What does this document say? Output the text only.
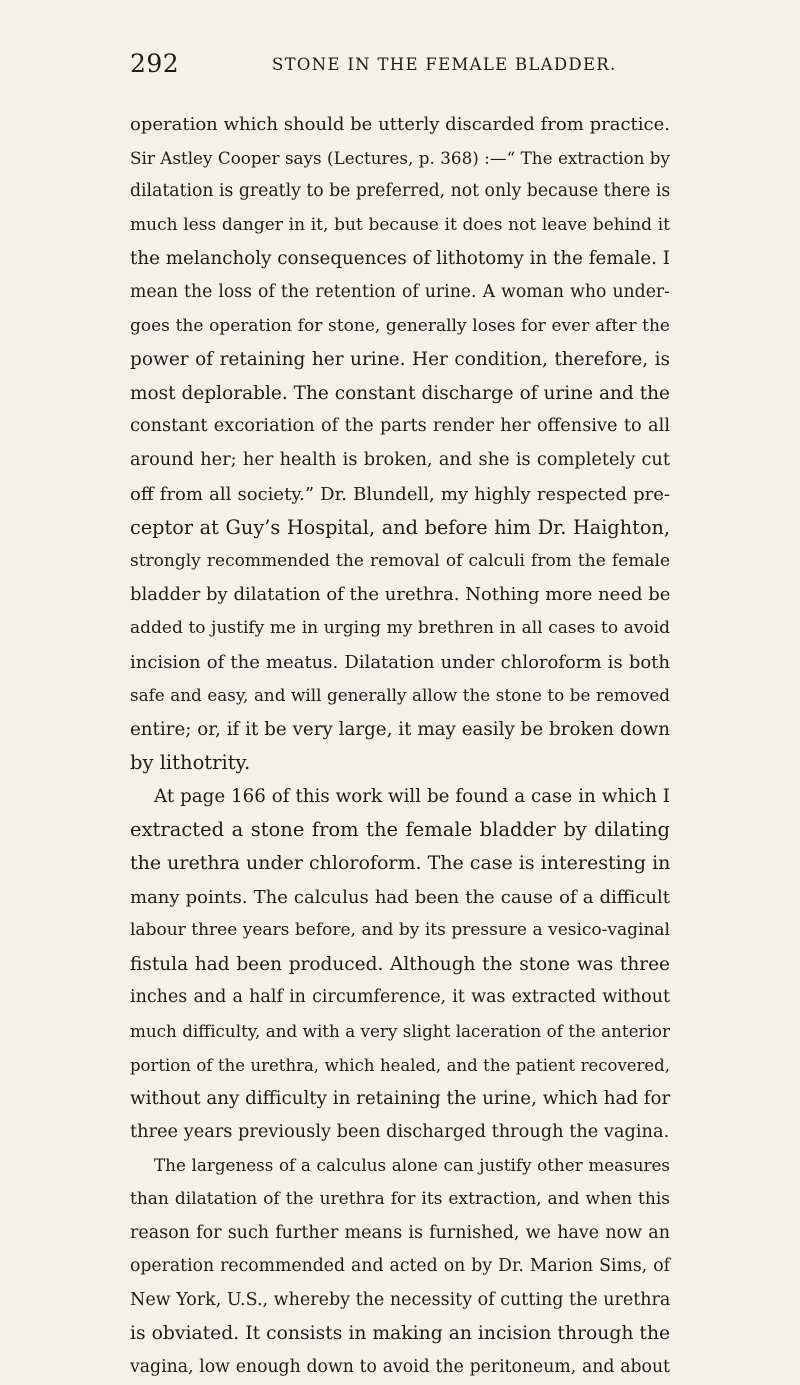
292	STONE IN THE FEMALE BLADDER.
operation which should be utterly discarded from practice.
Sir Astley Cooper says (Lectures, p. 368) :—“ The extraction by
dilatation is greatly to be preferred, not only because there is
much less danger in it, but because it does not leave behind it
the melancholy consequences of lithotomy in the female. I
mean the loss of the retention of urine. A woman who under-
goes the operation for stone, generally loses for ever after the
power of retaining her urine. Her condition, therefore, is
most deplorable. The constant discharge of urine and the
constant excoriation of the parts render her offensive to all
around her; her health is broken, and she is completely cut
off from all society.” Dr. Blundell, my highly respected pre-
ceptor at Guy’s Hospital, and before him Dr. Haighton,
strongly recommended the removal of calculi from the female
bladder by dilatation of the urethra. Nothing more need be
added to justify me in urging my brethren in all cases to avoid
incision of the meatus. Dilatation under chloroform is both
safe and easy, and will generally allow the stone to be removed
entire; or, if it be very large, it may easily be broken down
by lithotrity.
At page 166 of this work will be found a case in which I
extracted a stone from the female bladder by dilating
the urethra under chloroform. The case is interesting in
many points. The calculus had been the cause of a difficult
labour three years before, and by its pressure a vesico-vaginal
fistula had been produced. Although the stone was three
inches and a half in circumference, it was extracted without
much difficulty, and with a very slight laceration of the anterior
portion of the urethra, which healed, and the patient recovered,
without any difficulty in retaining the urine, which had for
three years previously been discharged through the vagina.
The largeness of a calculus alone can justify other measures
than dilatation of the urethra for its extraction, and when this
reason for such further means is furnished, we have now an
operation recommended and acted on by Dr. Marion Sims, of
New York, U.S., whereby the necessity of cutting the urethra
is obviated. It consists in making an incision through the
vagina, low enough down to avoid the peritoneum, and about
